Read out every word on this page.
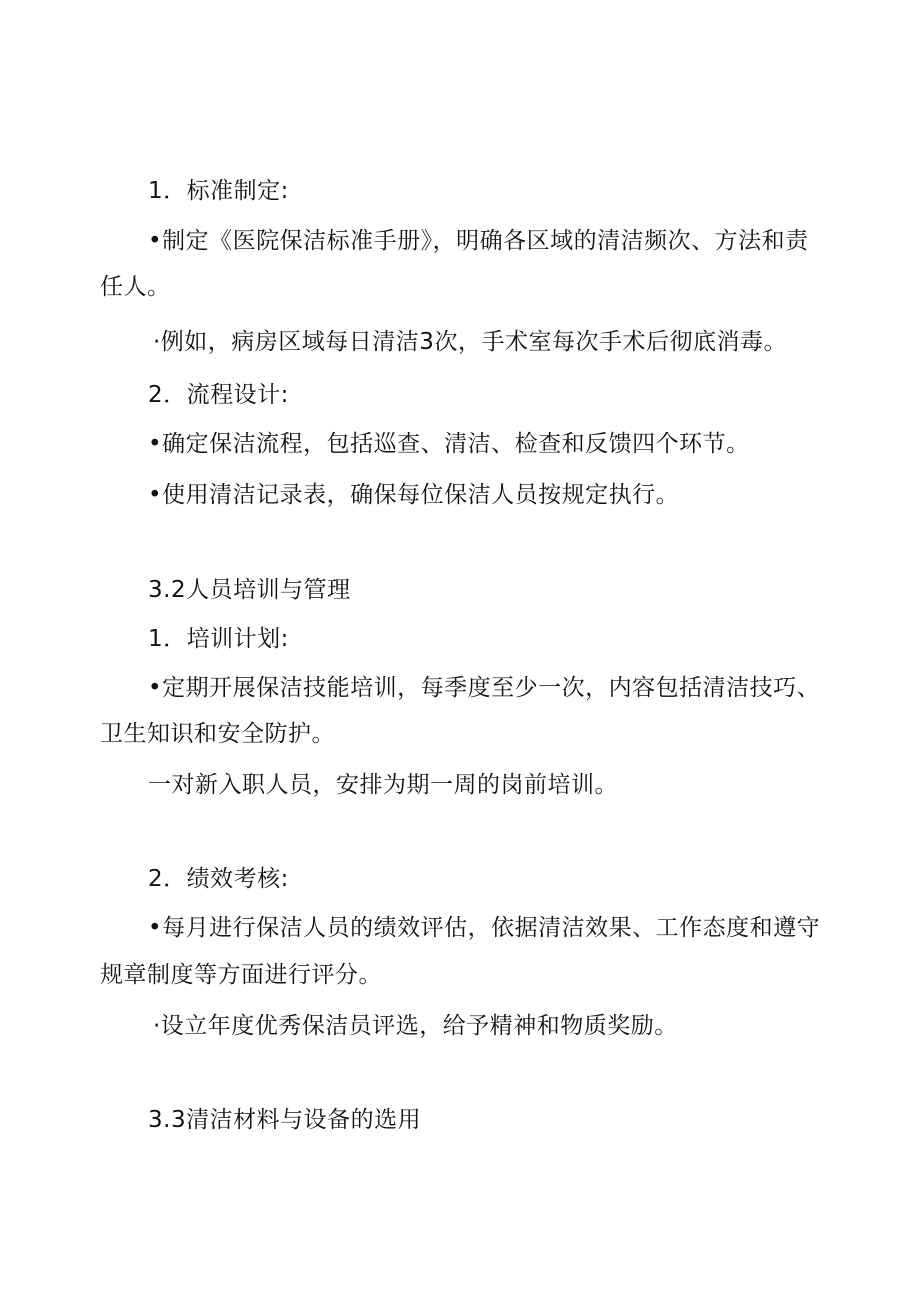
1．标准制定:
•制定《医院保洁标准手册》，明确各区域的清洁频次、方法和责
任人。
·例如，病房区域每日清洁3次，手术室每次手术后彻底消毒。
2．流程设计:
•确定保洁流程，包括巡查、清洁、检查和反馈四个环节。
•使用清洁记录表，确保每位保洁人员按规定执行。
3.2人员培训与管理
1．培训计划:
•定期开展保洁技能培训，每季度至少一次，内容包括清洁技巧、
卫生知识和安全防护。
一对新入职人员，安排为期一周的岗前培训。
2．绩效考核:
•每月进行保洁人员的绩效评估，依据清洁效果、工作态度和遵守
规章制度等方面进行评分。
·设立年度优秀保洁员评选，给予精神和物质奖励。
3.3清洁材料与设备的选用
